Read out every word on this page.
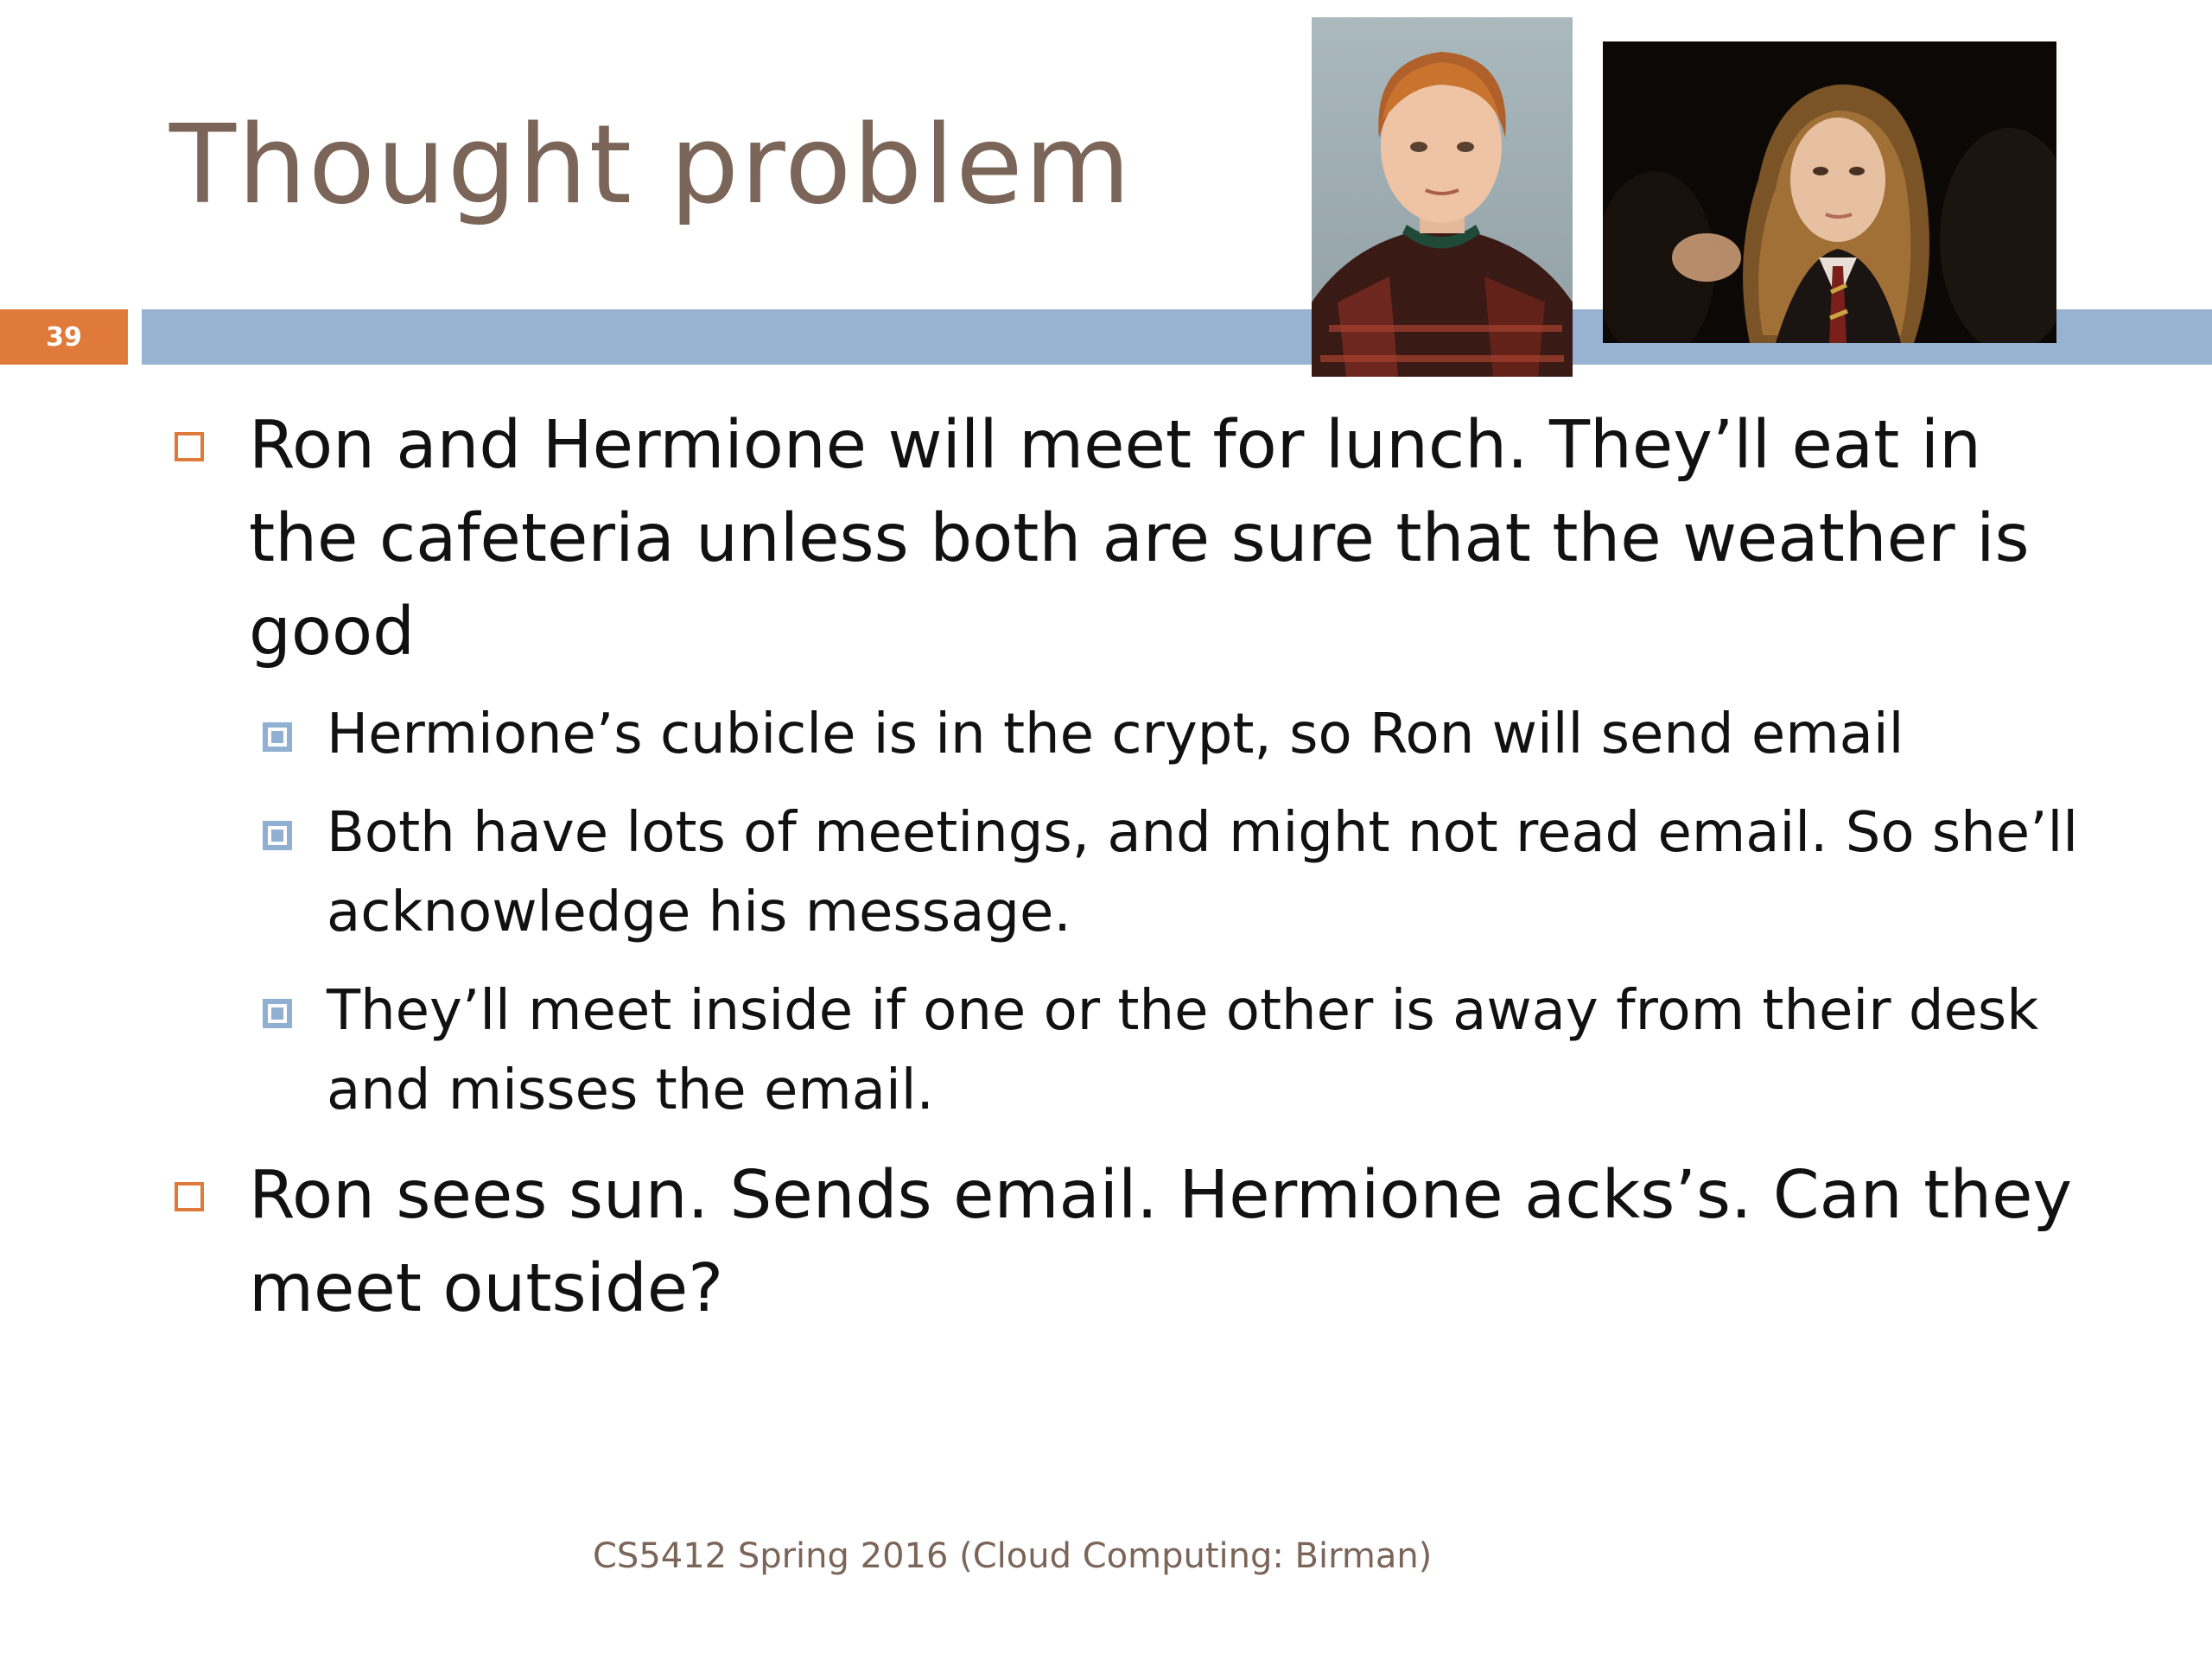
Thought problem
39
Ron and Hermione will meet for lunch. They’ll eat in the cafeteria unless both are sure that the weather is good
Hermione’s cubicle is in the crypt, so Ron will send email
Both have lots of meetings, and might not read email. So she’ll acknowledge his message.
They’ll meet inside if one or the other is away from their desk and misses the email.
Ron sees sun. Sends email. Hermione acks’s. Can they meet outside?
CS5412 Spring 2016 (Cloud Computing: Birman)
